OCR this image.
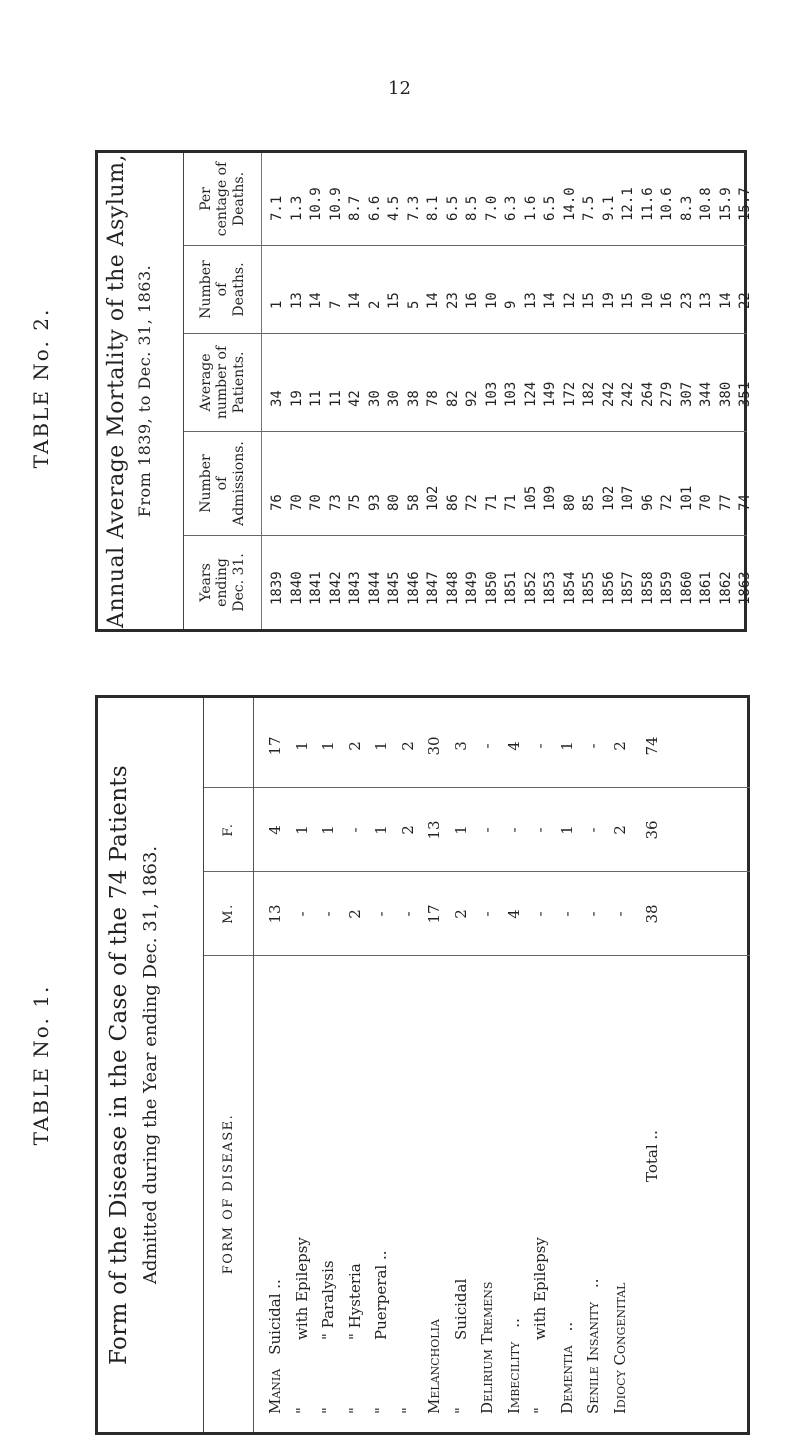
12
TABLE No. 2. Annual Average Mortality of the Asylum, From 1839, to Dec. 31, 1863.
Years ending Dec. 31. 1839 1840 1841 1842 1843 1844 1845 1846 1847 1848 1849 1850 1851 1852 1853 1854 1855 1856 1857 1858 1859 1860 1861 1862 1863
Number of Admissions. 76 70 70 73 75 93 80 58 102 86 72 71 71 105 109 80 85 102 107 96 72 101 70 77 74
Average number of Patients. 34 19 11 11 42 30 30 38 78 82 92 103 103 124 149 172 182 242 242 264 279 307 344 380 351
Number of Deaths. 1 13 14 7 14 2 15 5 14 23 16 10 9 13 14 12 15 19 15 10 16 23 13 14 22
Per centage of Deaths. 7.1 1.3 10.9 10.9 8.7 6.6 4.5 7.3 8.1 6.5 8.5 7.0 6.3 1.6 6.5 14.0 7.5 9.1 12.1 11.6 10.6 8.3 10.8 15.9 15.7
TABLE No. 1. Form of the Disease in the Case of the 74 Patients Admitted during the Year ending Dec. 31, 1863.	FORM OF DISEASE.
M.
F.
ManiaSuicidal ..
13
4
17
"with Epilepsy
-
1
1
"" Paralysis
-
1
1
"" Hysteria
2
-
2
"Puerperal ..
-
1
1
"
-
2
2
Melancholia
17
13
30
"Suicidal
2
1
3
Delirium Tremens
-
-
-
Imbecility..
4
-
4
"with Epilepsy
-
-
-
Dementia..
-
1
1
Senile Insanity..
-
-
-
Idiocy Congenital
-
2
2
Total ..
38
36
74
